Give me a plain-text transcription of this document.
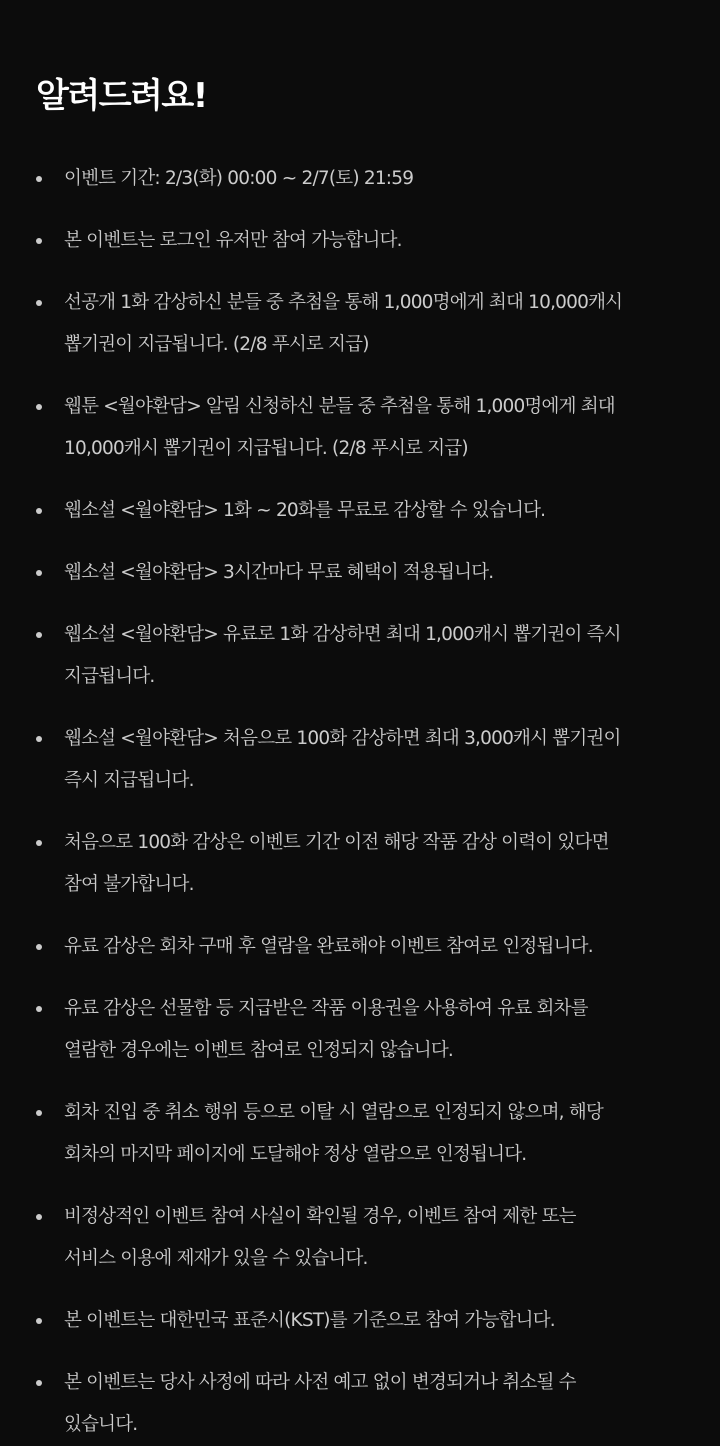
알려드려요!
이벤트 기간: 2/3(화) 00:00 ~ 2/7(토) 21:59
본 이벤트는 로그인 유저만 참여 가능합니다.
선공개 1화 감상하신 분들 중 추첨을 통해 1,000명에게 최대 10,000캐시
뽑기권이 지급됩니다. (2/8 푸시로 지급)
웹툰 <월야환담> 알림 신청하신 분들 중 추첨을 통해 1,000명에게 최대
10,000캐시 뽑기권이 지급됩니다. (2/8 푸시로 지급)
웹소설 <월야환담> 1화 ~ 20화를 무료로 감상할 수 있습니다.
웹소설 <월야환담> 3시간마다 무료 혜택이 적용됩니다.
웹소설 <월야환담> 유료로 1화 감상하면 최대 1,000캐시 뽑기권이 즉시
지급됩니다.
웹소설 <월야환담> 처음으로 100화 감상하면 최대 3,000캐시 뽑기권이
즉시 지급됩니다.
처음으로 100화 감상은 이벤트 기간 이전 해당 작품 감상 이력이 있다면
참여 불가합니다.
유료 감상은 회차 구매 후 열람을 완료해야 이벤트 참여로 인정됩니다.
유료 감상은 선물함 등 지급받은 작품 이용권을 사용하여 유료 회차를
열람한 경우에는 이벤트 참여로 인정되지 않습니다.
회차 진입 중 취소 행위 등으로 이탈 시 열람으로 인정되지 않으며, 해당
회차의 마지막 페이지에 도달해야 정상 열람으로 인정됩니다.
비정상적인 이벤트 참여 사실이 확인될 경우, 이벤트 참여 제한 또는
서비스 이용에 제재가 있을 수 있습니다.
본 이벤트는 대한민국 표준시(KST)를 기준으로 참여 가능합니다.
본 이벤트는 당사 사정에 따라 사전 예고 없이 변경되거나 취소될 수
있습니다.
